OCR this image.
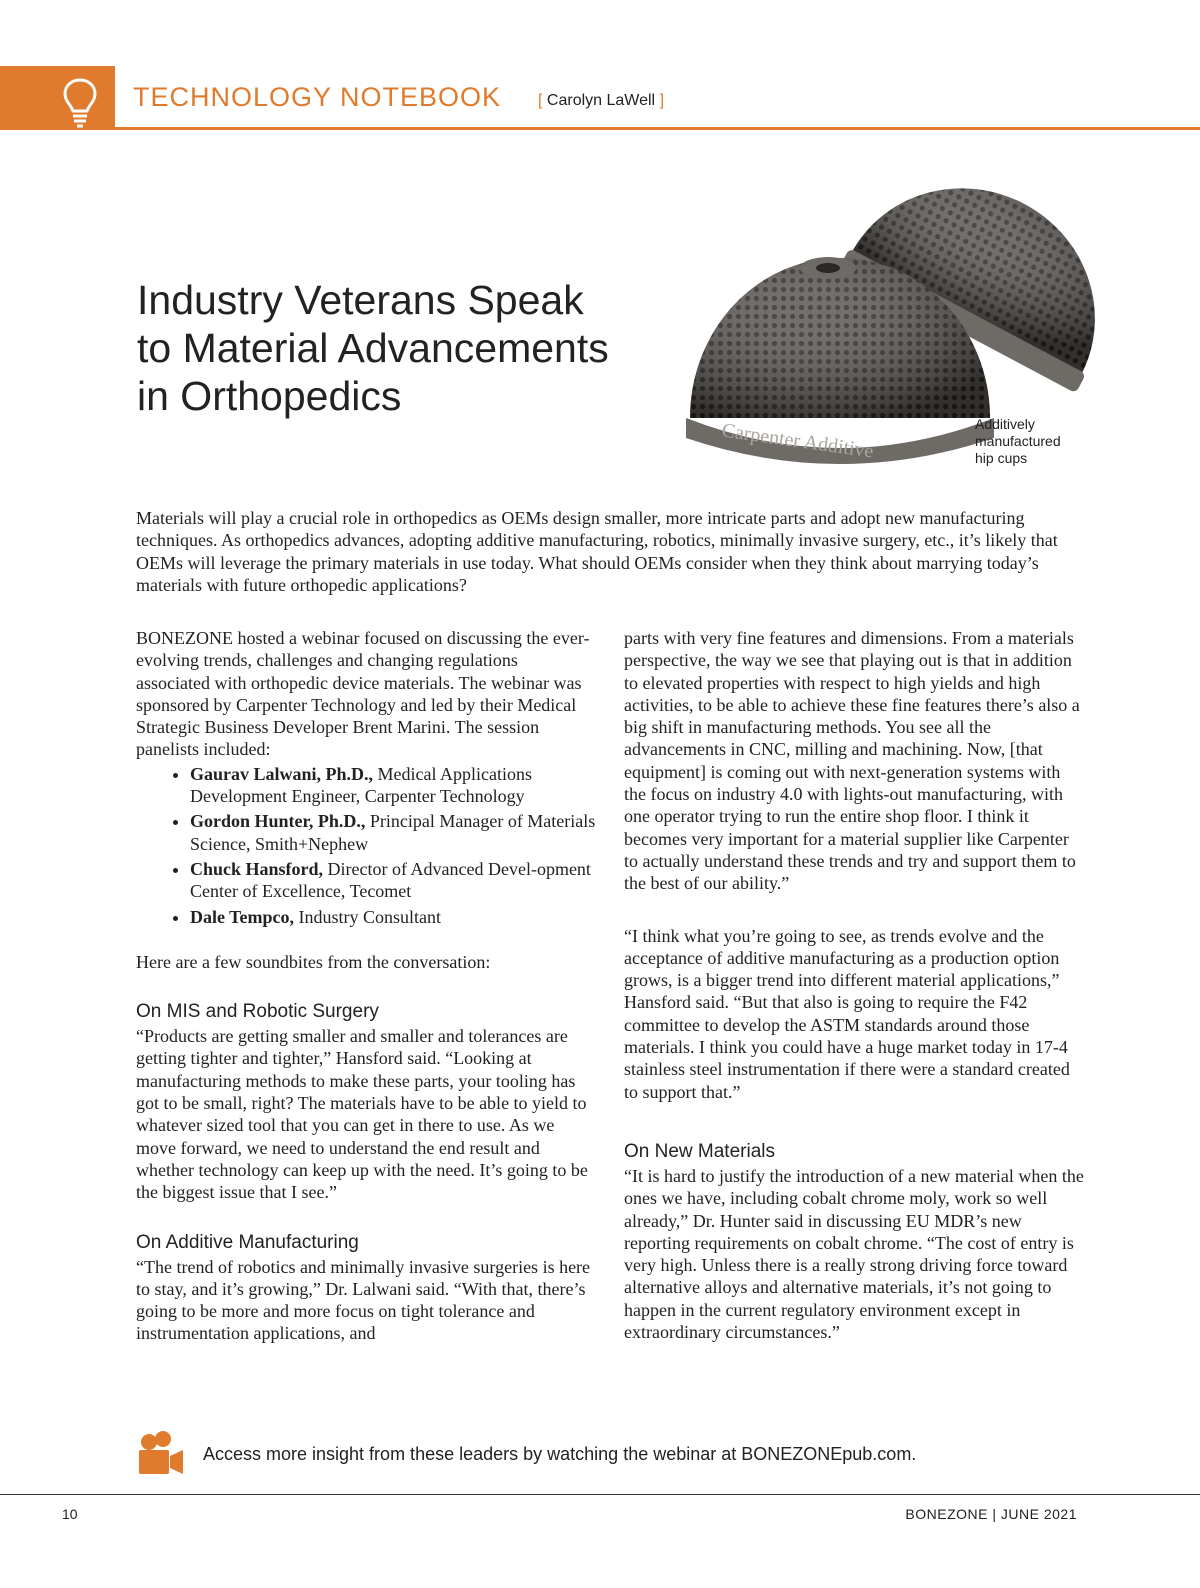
TECHNOLOGY NOTEBOOK [ Carolyn LaWell ]
Industry Veterans Speak
to Material Advancements
in Orthopedics
Carpenter Additive	Additively
manufactured
hip cups
Materials will play a crucial role in orthopedics as OEMs design smaller, more intricate parts and adopt new manufacturing techniques. As orthopedics advances, adopting additive manufacturing, robotics, minimally invasive surgery, etc., it’s likely that OEMs will leverage the primary materials in use today. What should OEMs consider when they think about marrying today’s materials with future orthopedic applications?

BONEZONE hosted a webinar focused on discussing the ever-evolving trends, challenges and changing regulations associated with orthopedic device materials. The webinar was sponsored by Carpenter Technology and led by their Medical Strategic Business Developer Brent Marini. The session panelists included:

• Gaurav Lalwani, Ph.D., Medical Applications Development Engineer, Carpenter Technology
• Gordon Hunter, Ph.D., Principal Manager of Materials Science, Smith+Nephew
• Chuck Hansford, Director of Advanced Devel-opment Center of Excellence, Tecomet
• Dale Tempco, Industry Consultant

Here are a few soundbites from the conversation:

On MIS and Robotic Surgery

“Products are getting smaller and smaller and tolerances are getting tighter and tighter,” Hansford said. “Looking at manufacturing methods to make these parts, your tooling has got to be small, right? The materials have to be able to yield to whatever sized tool that you can get in there to use. As we move forward, we need to understand the end result and whether technology can keep up with the need. It’s going to be the biggest issue that I see.”

On Additive Manufacturing

“The trend of robotics and minimally invasive surgeries is here to stay, and it’s growing,” Dr. Lalwani said. “With that, there’s going to be more and more focus on tight tolerance and instrumentation applications, and

parts with very fine features and dimensions. From a materials perspective, the way we see that playing out is that in addition to elevated properties with respect to high yields and high activities, to be able to achieve these fine features there’s also a big shift in manufacturing methods. You see all the advancements in CNC, milling and machining. Now, [that equipment] is coming out with next-generation systems with the focus on industry 4.0 with lights-out manufacturing, with one operator trying to run the entire shop floor. I think it becomes very important for a material supplier like Carpenter to actually understand these trends and try and support them to the best of our ability.”

“I think what you’re going to see, as trends evolve and the acceptance of additive manufacturing as a production option grows, is a bigger trend into different material applications,” Hansford said. “But that also is going to require the F42 committee to develop the ASTM standards around those materials. I think you could have a huge market today in 17-4 stainless steel instrumentation if there were a standard created to support that.”

On New Materials

“It is hard to justify the introduction of a new material when the ones we have, including cobalt chrome moly, work so well already,” Dr. Hunter said in discussing EU MDR’s new reporting requirements on cobalt chrome. “The cost of entry is very high. Unless there is a really strong driving force toward alternative alloys and alternative materials, it’s not going to happen in the current regulatory environment except in extraordinary circumstances.”

Access more insight from these leaders by watching the webinar at BONEZONEpub.com.
10	BONEZONE | JUNE 2021
